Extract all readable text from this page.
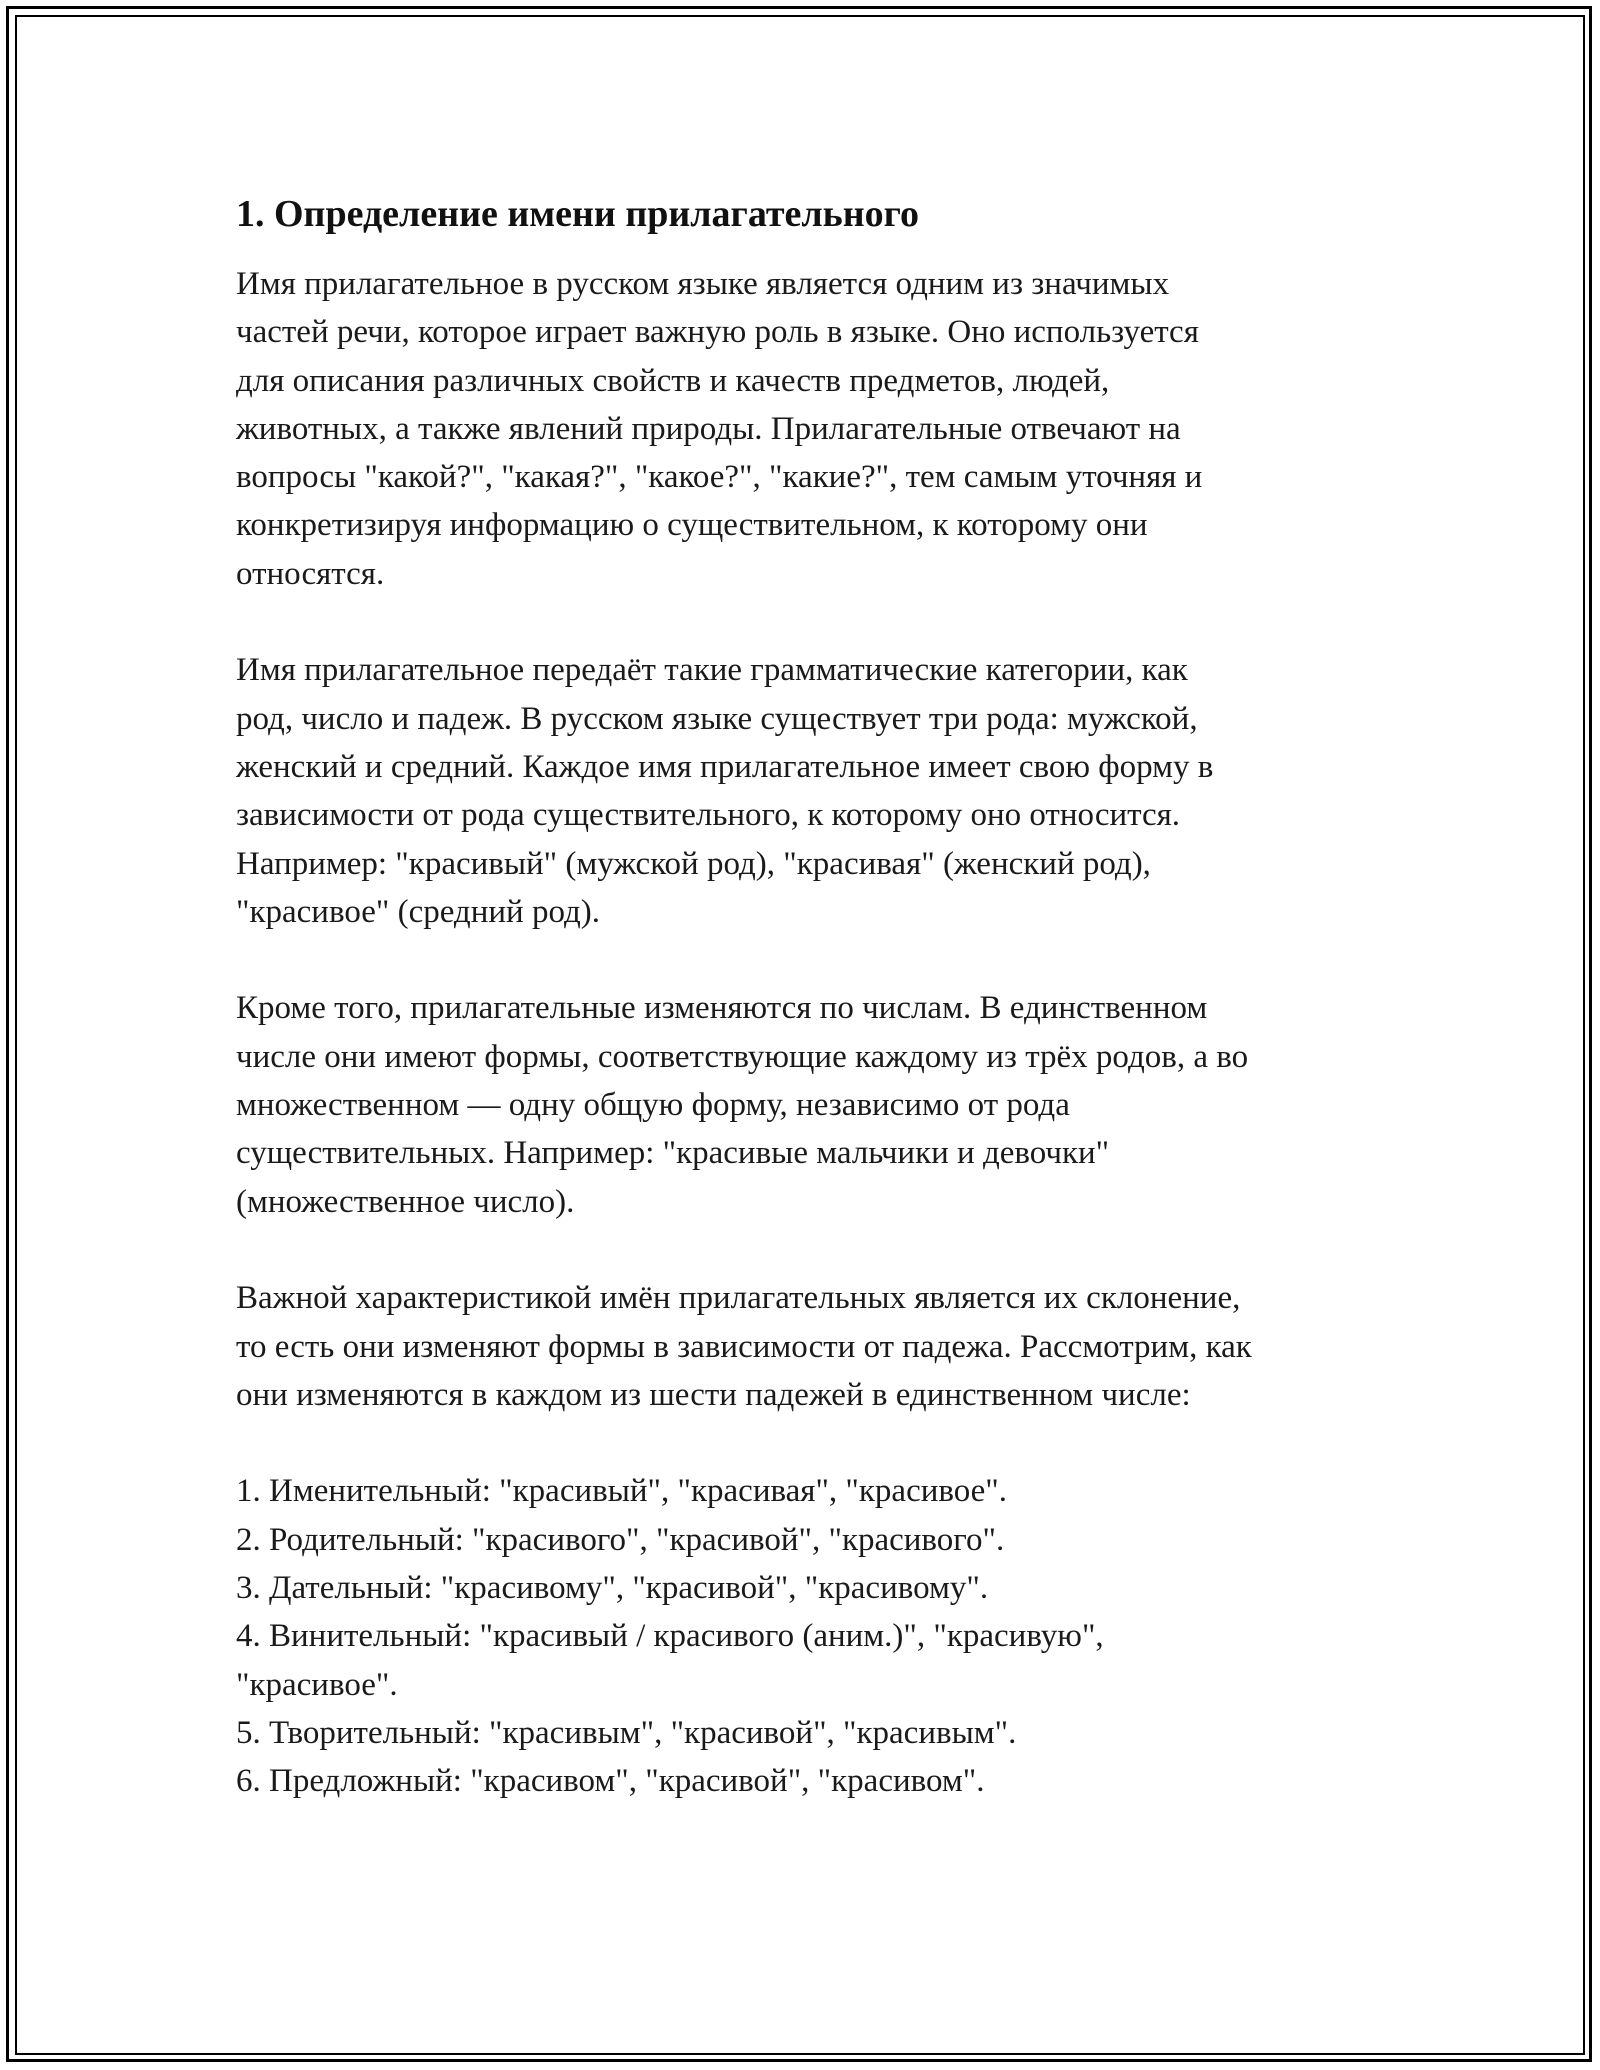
1. Определение имени прилагательного

Имя прилагательное в русском языке является одним из значимых
частей речи, которое играет важную роль в языке. Оно используется
для описания различных свойств и качеств предметов, людей,
животных, а также явлений природы. Прилагательные отвечают на
вопросы "какой?", "какая?", "какое?", "какие?", тем самым уточняя и
конкретизируя информацию о существительном, к которому они
относятся.

Имя прилагательное передаёт такие грамматические категории, как
род, число и падеж. В русском языке существует три рода: мужской,
женский и средний. Каждое имя прилагательное имеет свою форму в
зависимости от рода существительного, к которому оно относится.
Например: "красивый" (мужской род), "красивая" (женский род),
"красивое" (средний род).

Кроме того, прилагательные изменяются по числам. В единственном
числе они имеют формы, соответствующие каждому из трёх родов, а во
множественном — одну общую форму, независимо от рода
существительных. Например: "красивые мальчики и девочки"
(множественное число).

Важной характеристикой имён прилагательных является их склонение,
то есть они изменяют формы в зависимости от падежа. Рассмотрим, как
они изменяются в каждом из шести падежей в единственном числе:

1. Именительный: "красивый", "красивая", "красивое".
2. Родительный: "красивого", "красивой", "красивого".
3. Дательный: "красивому", "красивой", "красивому".
4. Винительный: "красивый / красивого (аним.)", "красивую",
"красивое".
5. Творительный: "красивым", "красивой", "красивым".
6. Предложный: "красивом", "красивой", "красивом".
